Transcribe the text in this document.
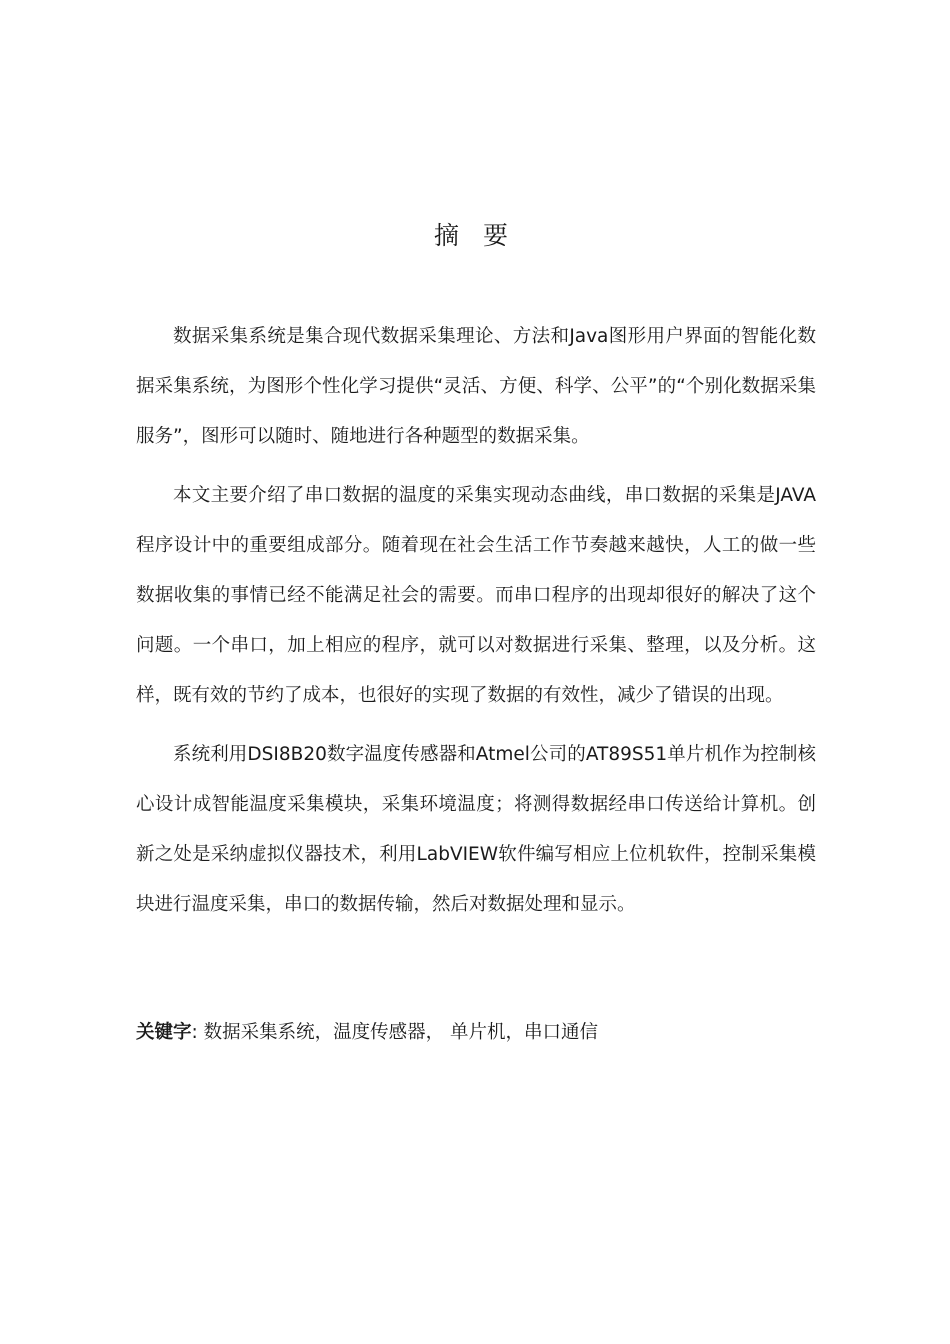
摘 要

数据采集系统是集合现代数据采集理论、方法和Java图形用户界面的智能化数据采集系统，为图形个性化学习提供“灵活、方便、科学、公平”的“个别化数据采集服务”，图形可以随时、随地进行各种题型的数据采集。

本文主要介绍了串口数据的温度的采集实现动态曲线，串口数据的采集是JAVA程序设计中的重要组成部分。随着现在社会生活工作节奏越来越快，人工的做一些数据收集的事情已经不能满足社会的需要。而串口程序的出现却很好的解决了这个问题。一个串口，加上相应的程序，就可以对数据进行采集、整理，以及分析。这样，既有效的节约了成本，也很好的实现了数据的有效性，减少了错误的出现。

系统利用DSI8B20数字温度传感器和Atmel公司的AT89S51单片机作为控制核心设计成智能温度采集模块，采集环境温度；将测得数据经串口传送给计算机。创新之处是采纳虚拟仪器技术，利用LabVIEW软件编写相应上位机软件，控制采集模块进行温度采集，串口的数据传输，然后对数据处理和显示。

关键字: 数据采集系统，温度传感器， 单片机，串口通信
